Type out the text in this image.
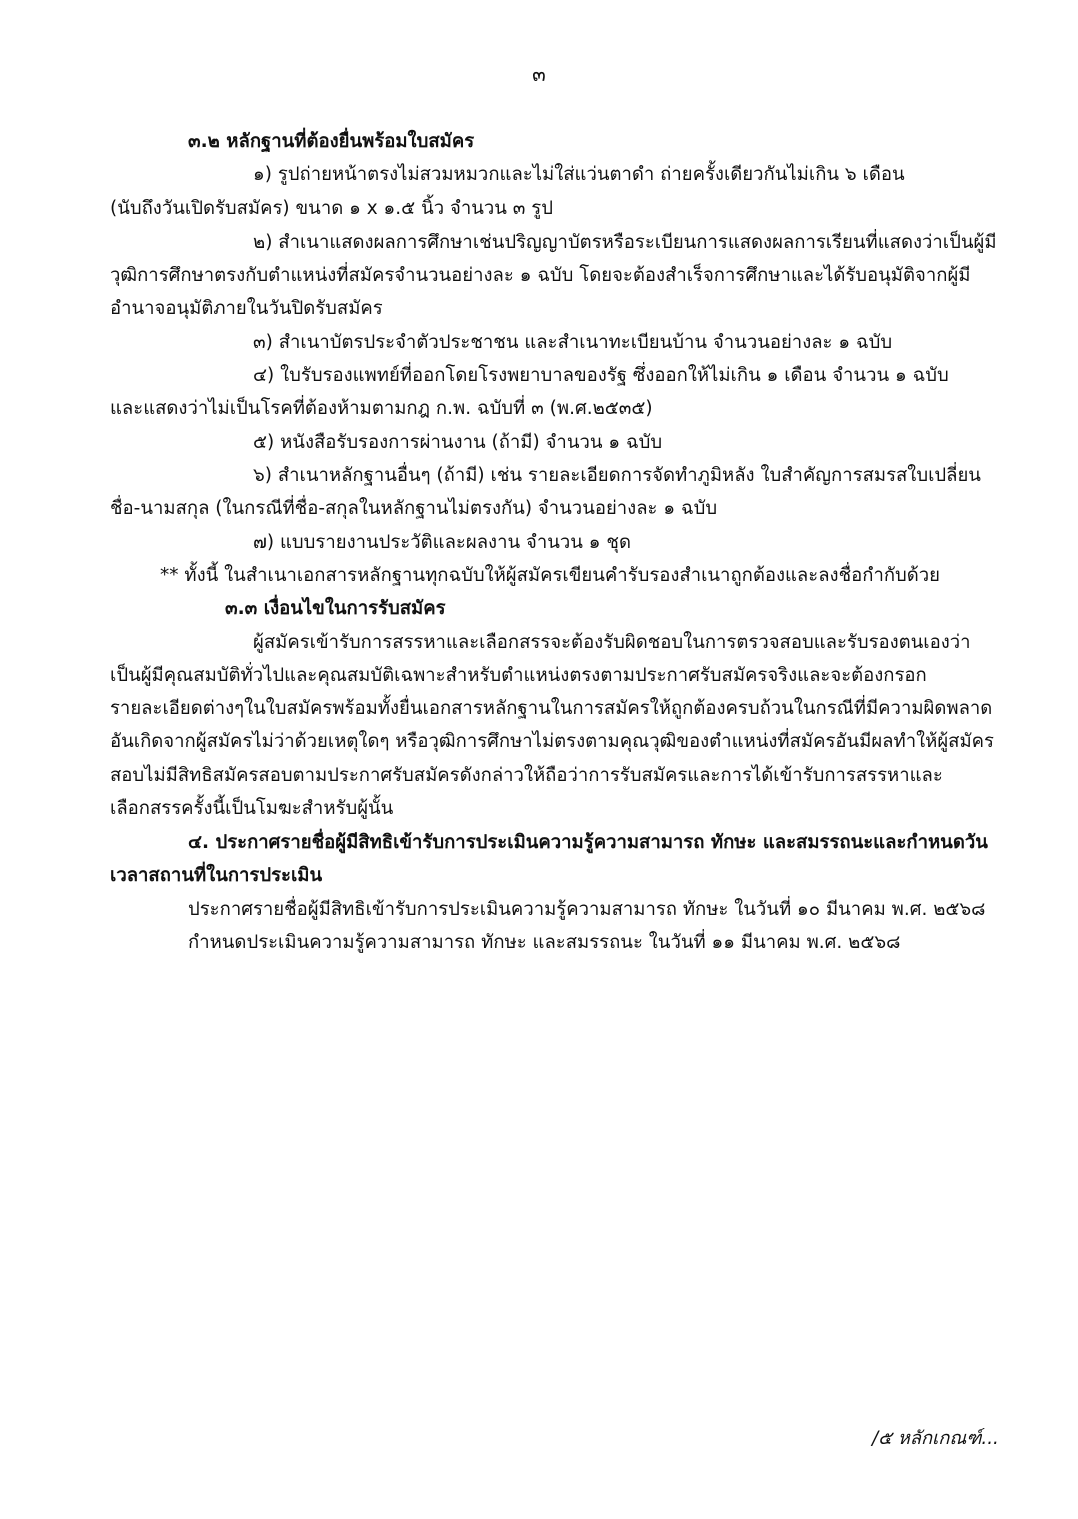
๓
๓.๒ หลักฐานที่ต้องยื่นพร้อมใบสมัคร
๑) รูปถ่ายหน้าตรงไม่สวมหมวกและไม่ใส่แว่นตาดำ ถ่ายครั้งเดียวกันไม่เกิน ๖ เดือน
(นับถึงวันเปิดรับสมัคร) ขนาด ๑ x ๑.๕ นิ้ว จำนวน ๓ รูป
๒) สำเนาแสดงผลการศึกษาเช่นปริญญาบัตรหรือระเบียนการแสดงผลการเรียนที่แสดงว่าเป็นผู้มี
วุฒิการศึกษาตรงกับตำแหน่งที่สมัครจำนวนอย่างละ ๑ ฉบับ โดยจะต้องสำเร็จการศึกษาและได้รับอนุมัติจากผู้มี
อำนาจอนุมัติภายในวันปิดรับสมัคร
๓) สำเนาบัตรประจำตัวประชาชน และสำเนาทะเบียนบ้าน จำนวนอย่างละ ๑ ฉบับ
๔) ใบรับรองแพทย์ที่ออกโดยโรงพยาบาลของรัฐ ซึ่งออกให้ไม่เกิน ๑ เดือน จำนวน ๑ ฉบับ
และแสดงว่าไม่เป็นโรคที่ต้องห้ามตามกฎ ก.พ. ฉบับที่ ๓ (พ.ศ.๒๕๓๕)
๕) หนังสือรับรองการผ่านงาน (ถ้ามี) จำนวน ๑ ฉบับ
๖) สำเนาหลักฐานอื่นๆ (ถ้ามี) เช่น รายละเอียดการจัดทำภูมิหลัง ใบสำคัญการสมรสใบเปลี่ยน
ชื่อ-นามสกุล (ในกรณีที่ชื่อ-สกุลในหลักฐานไม่ตรงกัน) จำนวนอย่างละ ๑ ฉบับ
๗) แบบรายงานประวัติและผลงาน จำนวน ๑ ชุด
** ทั้งนี้ ในสำเนาเอกสารหลักฐานทุกฉบับให้ผู้สมัครเขียนคำรับรองสำเนาถูกต้องและลงชื่อกำกับด้วย
๓.๓ เงื่อนไขในการรับสมัคร
ผู้สมัครเข้ารับการสรรหาและเลือกสรรจะต้องรับผิดชอบในการตรวจสอบและรับรองตนเองว่า
เป็นผู้มีคุณสมบัติทั่วไปและคุณสมบัติเฉพาะสำหรับตำแหน่งตรงตามประกาศรับสมัครจริงและจะต้องกรอก
รายละเอียดต่างๆในใบสมัครพร้อมทั้งยื่นเอกสารหลักฐานในการสมัครให้ถูกต้องครบถ้วนในกรณีที่มีความผิดพลาด
อันเกิดจากผู้สมัครไม่ว่าด้วยเหตุใดๆ หรือวุฒิการศึกษาไม่ตรงตามคุณวุฒิของตำแหน่งที่สมัครอันมีผลทำให้ผู้สมัคร
สอบไม่มีสิทธิสมัครสอบตามประกาศรับสมัครดังกล่าวให้ถือว่าการรับสมัครและการได้เข้ารับการสรรหาและ
เลือกสรรครั้งนี้เป็นโมฆะสำหรับผู้นั้น
๔. ประกาศรายชื่อผู้มีสิทธิเข้ารับการประเมินความรู้ความสามารถ ทักษะ และสมรรถนะและกำหนดวัน
เวลาสถานที่ในการประเมิน
ประกาศรายชื่อผู้มีสิทธิเข้ารับการประเมินความรู้ความสามารถ ทักษะ ในวันที่ ๑๐ มีนาคม พ.ศ. ๒๕๖๘
กำหนดประเมินความรู้ความสามารถ ทักษะ และสมรรถนะ ในวันที่ ๑๑ มีนาคม พ.ศ. ๒๕๖๘
/๕ หลักเกณฑ์...
